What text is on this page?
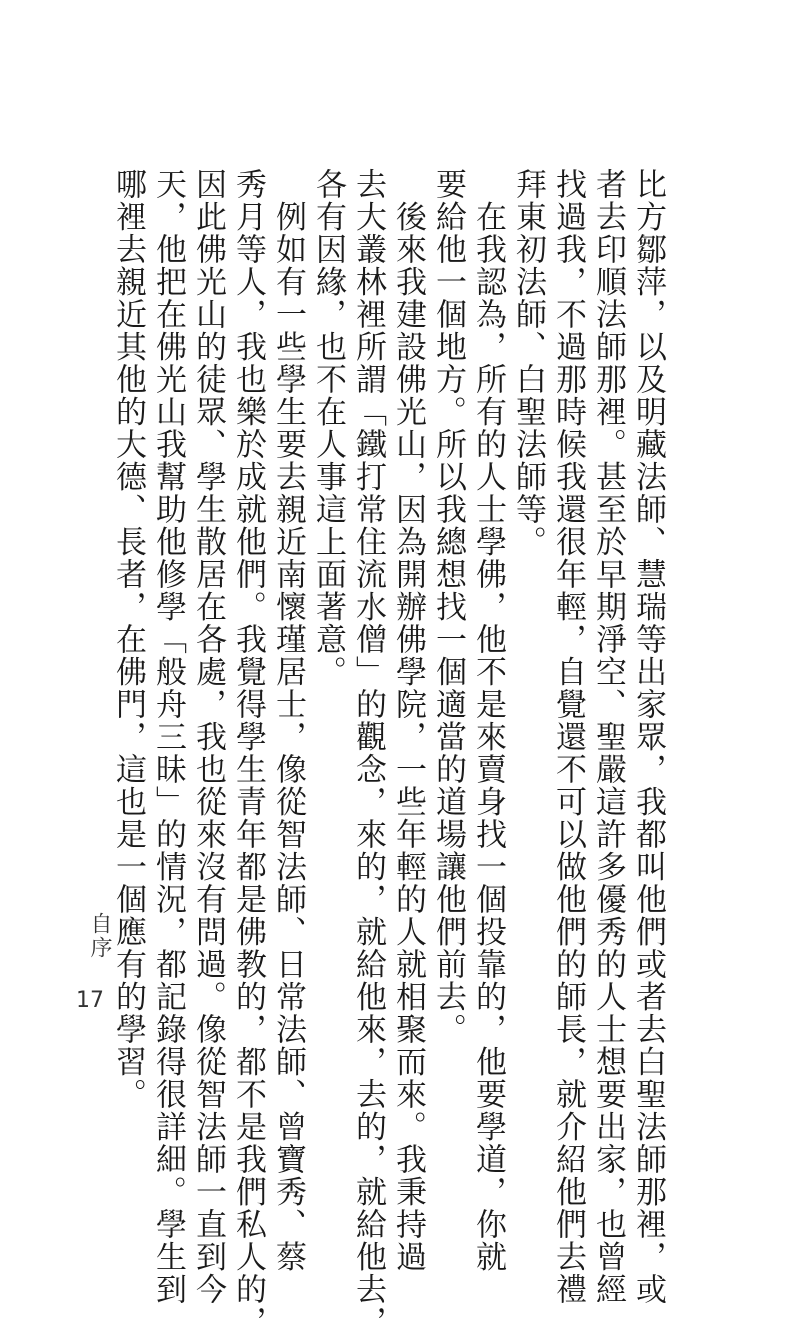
比方鄒萍，以及明藏法師、慧瑞等出家眾，我都叫他們或者去白聖法師那裡，或
者去印順法師那裡。甚至於早期淨空、聖嚴這許多優秀的人士想要出家，也曾經
找過我，不過那時候我還很年輕，自覺還不可以做他們的師長，就介紹他們去禮
拜東初法師、白聖法師等。
　在我認為，所有的人士學佛，他不是來賣身找一個投靠的，他要學道，你就
要給他一個地方。所以我總想找一個適當的道場讓他們前去。
　後來我建設佛光山，因為開辦佛學院，一些年輕的人就相聚而來。我秉持過
去大叢林裡所謂「鐵打常住流水僧」的觀念，來的，就給他來，去的，就給他去，
各有因緣，也不在人事這上面著意。
　例如有一些學生要去親近南懷瑾居士，像從智法師、日常法師、曾寶秀、蔡
秀月等人，我也樂於成就他們。我覺得學生青年都是佛教的，都不是我們私人的，
因此佛光山的徒眾、學生散居在各處，我也從來沒有問過。像從智法師一直到今
天，他把在佛光山我幫助他修學「般舟三昧」的情況，都記錄得很詳細。學生到
哪裡去親近其他的大德、長者，在佛門，這也是一個應有的學習。
自序
17
